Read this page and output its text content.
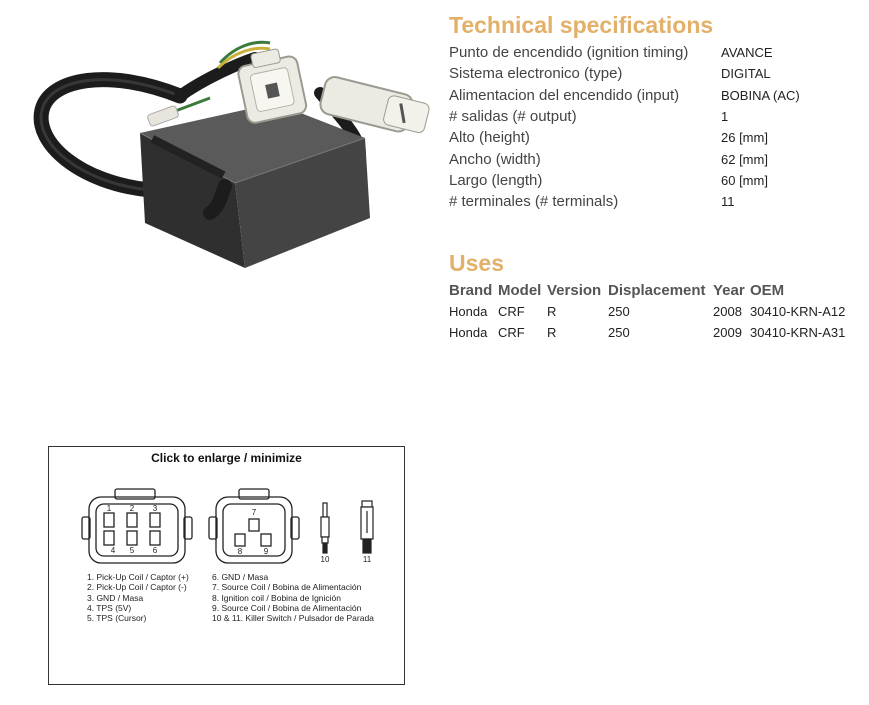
Technical specifications
Punto de encendido (ignition timing)	AVANCE
Sistema electronico (type)	DIGITAL
Alimentacion del encendido (input)	BOBINA (AC)
# salidas (# output)	1
Alto (height)	26 [mm]
Ancho (width)	62 [mm]
Largo (length)	60 [mm]
# terminales (# terminals)	11
Uses
Brand	Model	Version	Displacement	Year	OEM
Honda	CRF	R	250	2008	30410-KRN-A12
Honda	CRF	R	250	2009	30410-KRN-A31
Click to enlarge / minimize
1 2 3
4 5 6
7
8	9
10	11
1. Pick-Up Coil / Captor (+)
2. Pick-Up Coil / Captor (-)
3. GND / Masa
4. TPS (5V)
5. TPS (Cursor)
6. GND / Masa
7. Source Coil / Bobina de Alimentación
8. Ignition coil / Bobina de Ignición
9. Source Coil / Bobina de Alimentación
10 & 11. Killer Switch / Pulsador de Parada
